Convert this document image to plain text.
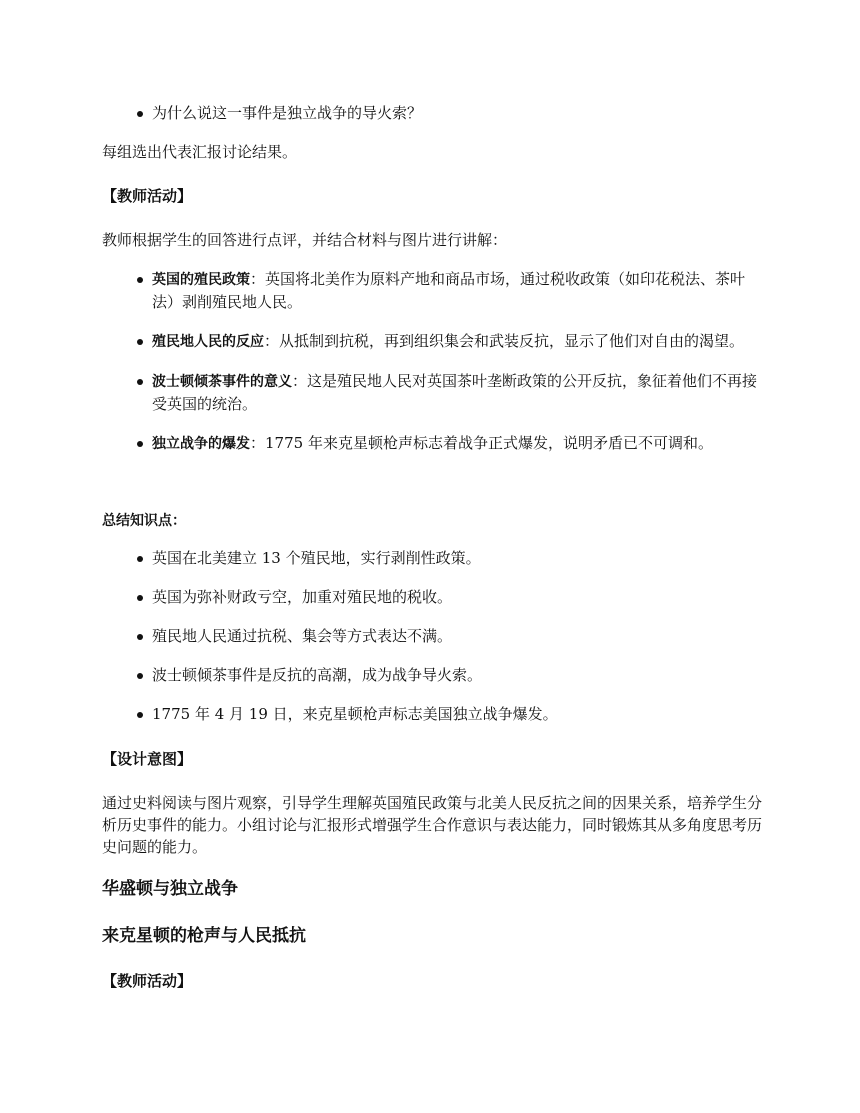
为什么说这一事件是独立战争的导火索？
每组选出代表汇报讨论结果。
【教师活动】
教师根据学生的回答进行点评，并结合材料与图片进行讲解：
英国的殖民政策：英国将北美作为原料产地和商品市场，通过税收政策（如印花税法、茶叶法）剥削殖民地人民。
殖民地人民的反应：从抵制到抗税，再到组织集会和武装反抗，显示了他们对自由的渴望。
波士顿倾茶事件的意义：这是殖民地人民对英国茶叶垄断政策的公开反抗，象征着他们不再接受英国的统治。
独立战争的爆发：1775 年来克星顿枪声标志着战争正式爆发，说明矛盾已不可调和。
总结知识点：
英国在北美建立 13 个殖民地，实行剥削性政策。
英国为弥补财政亏空，加重对殖民地的税收。
殖民地人民通过抗税、集会等方式表达不满。
波士顿倾茶事件是反抗的高潮，成为战争导火索。
1775 年 4 月 19 日，来克星顿枪声标志美国独立战争爆发。
【设计意图】
通过史料阅读与图片观察，引导学生理解英国殖民政策与北美人民反抗之间的因果关系，培养学生分析历史事件的能力。小组讨论与汇报形式增强学生合作意识与表达能力，同时锻炼其从多角度思考历史问题的能力。
华盛顿与独立战争
来克星顿的枪声与人民抵抗
【教师活动】
